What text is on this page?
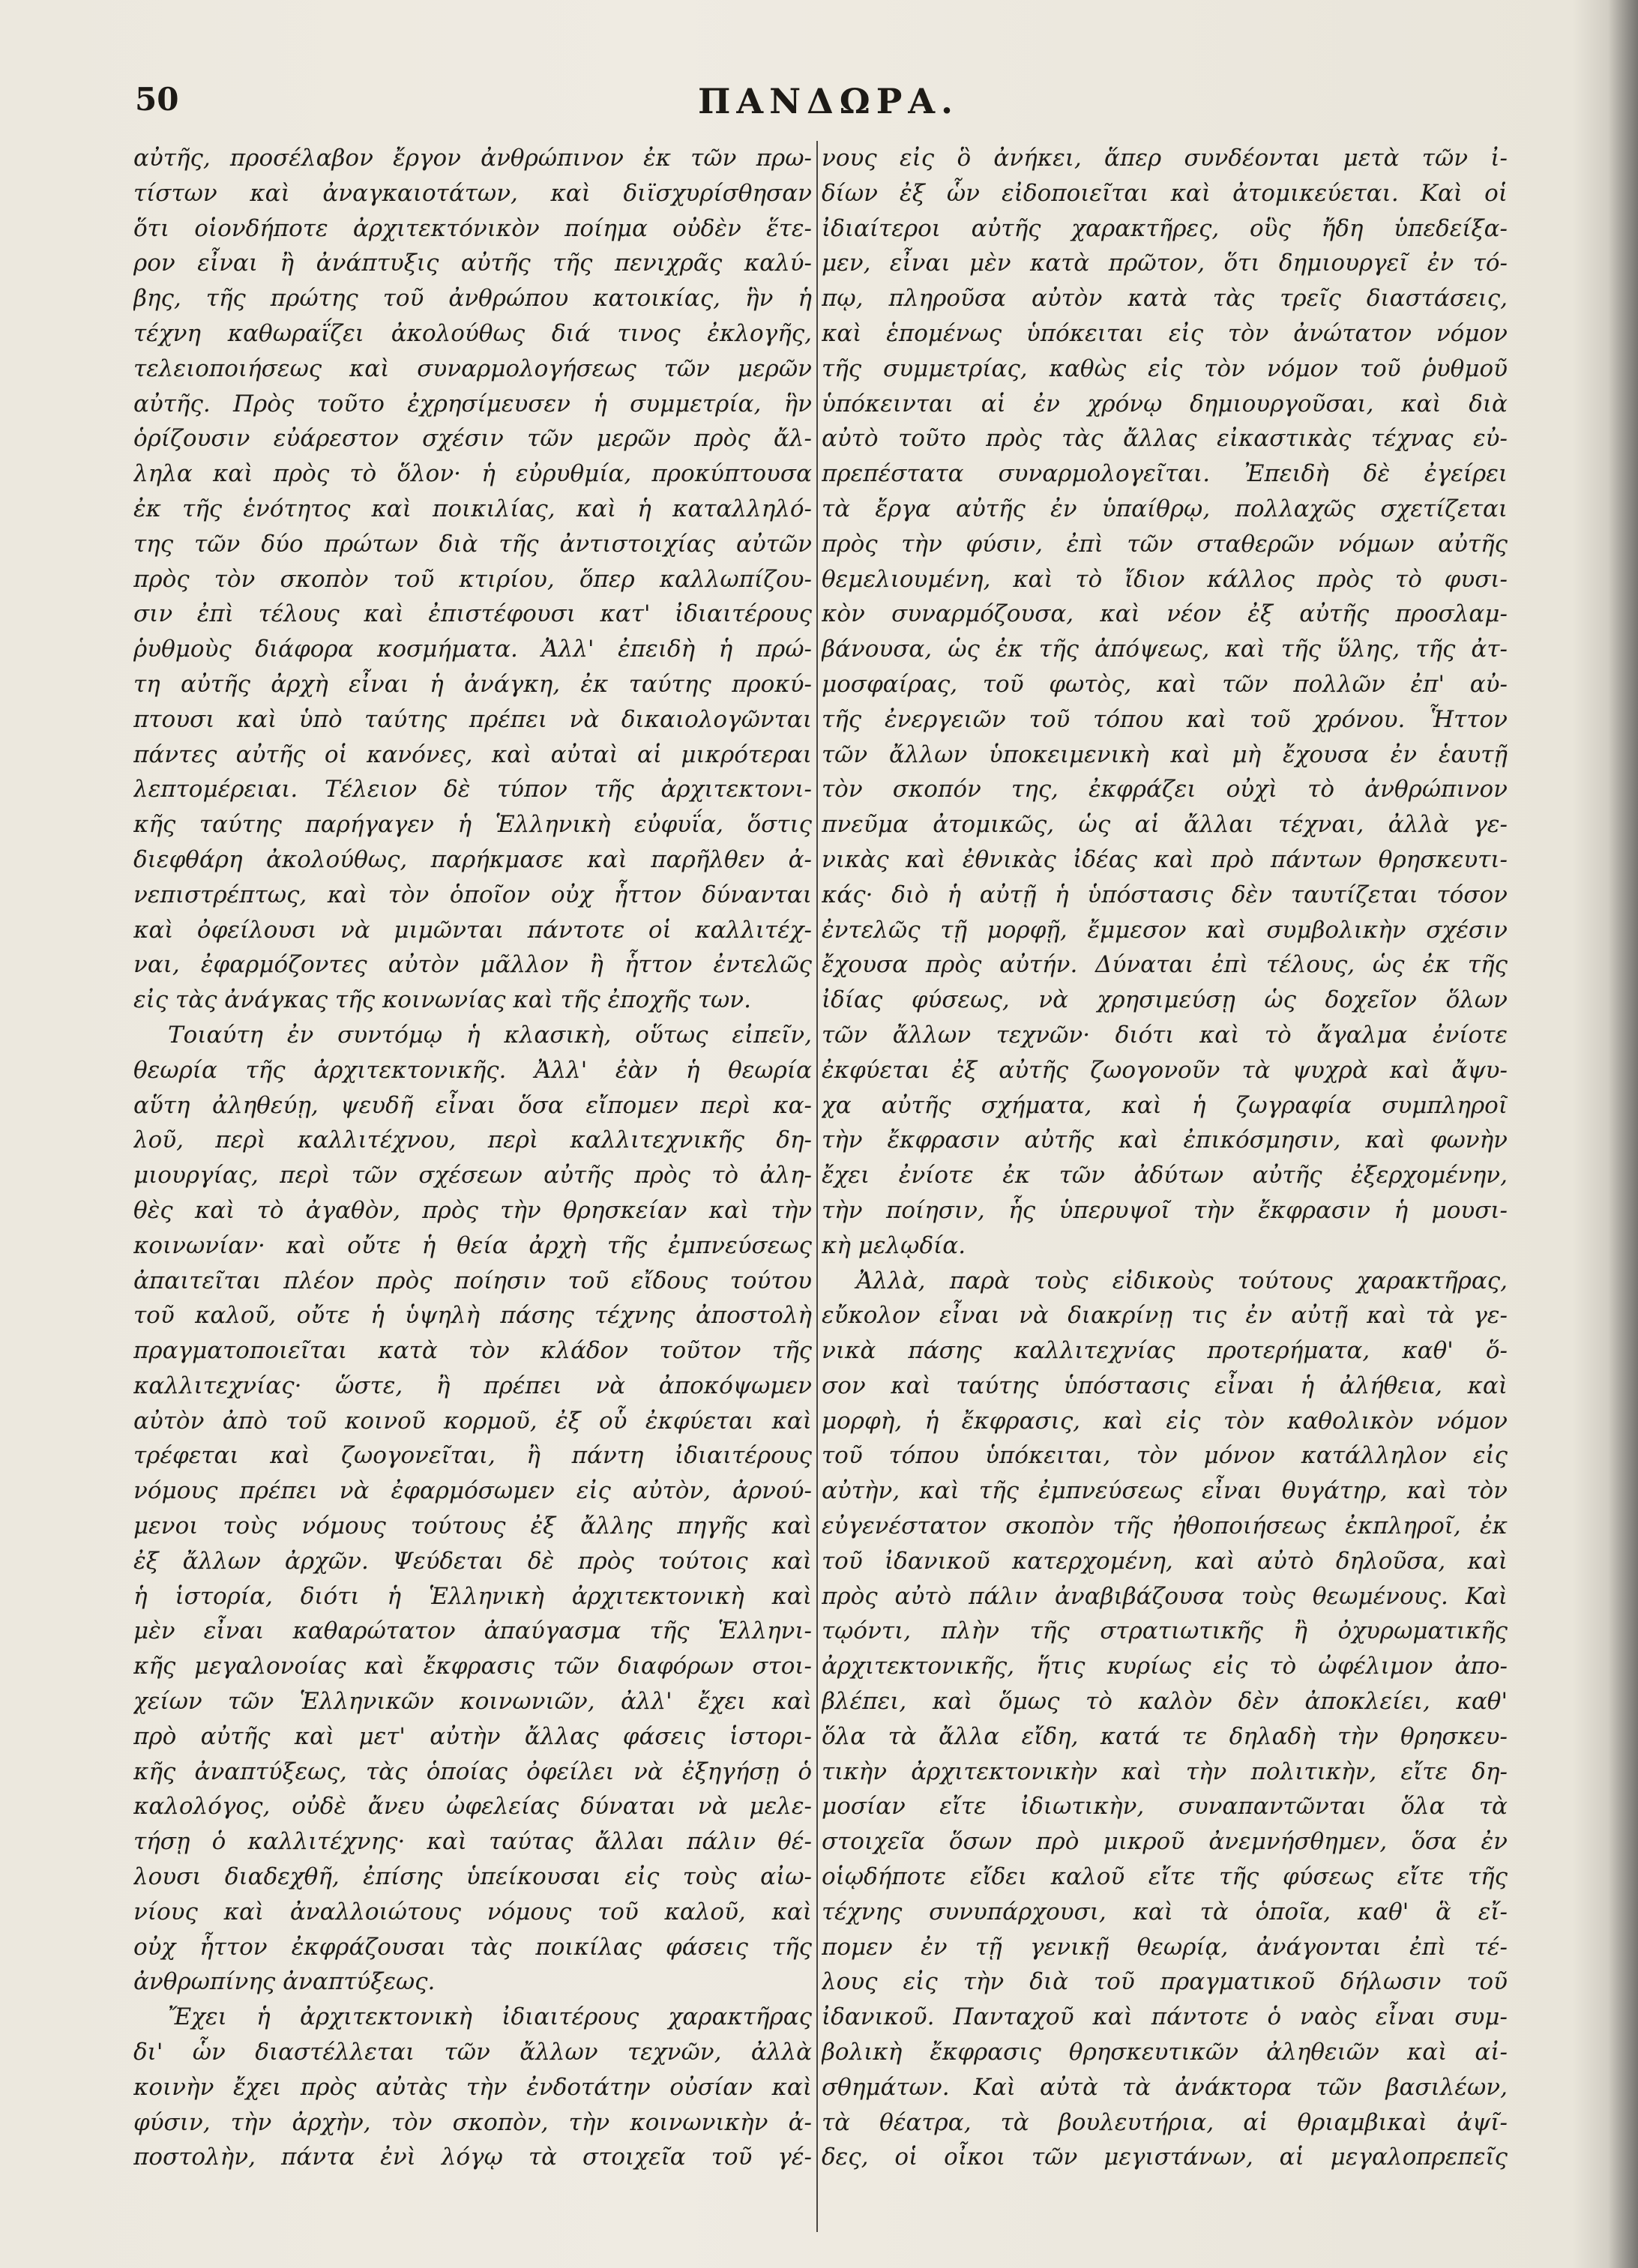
50	ΠΑΝΔΩΡΑ.
αὐτῆς, προσέλαβον ἔργον ἀνθρώπινον ἐκ τῶν πρω-
τίστων καὶ ἀναγκαιοτάτων, καὶ διϊσχυρίσθησαν
ὅτι οἱονδήποτε ἀρχιτεκτόνικὸν ποίημα οὐδὲν ἕτε-
ρον εἶναι ἢ ἀνάπτυξις αὐτῆς τῆς πενιχρᾶς καλύ-
βης, τῆς πρώτης τοῦ ἀνθρώπου κατοικίας, ἣν ἡ
τέχνη καθωραΐζει ἀκολούθως διά τινος ἐκλογῆς,
τελειοποιήσεως καὶ συναρμολογήσεως τῶν μερῶν
αὐτῆς. Πρὸς τοῦτο ἐχρησίμευσεν ἡ συμμετρία, ἣν
ὁρίζουσιν εὐάρεστον σχέσιν τῶν μερῶν πρὸς ἄλ-
ληλα καὶ πρὸς τὸ ὅλον· ἡ εὐρυθμία, προκύπτουσα
ἐκ τῆς ἑνότητος καὶ ποικιλίας, καὶ ἡ καταλληλό-
της τῶν δύο πρώτων διὰ τῆς ἀντιστοιχίας αὐτῶν
πρὸς τὸν σκοπὸν τοῦ κτιρίου, ὅπερ καλλωπίζου-
σιν ἐπὶ τέλους καὶ ἐπιστέφουσι κατ' ἰδιαιτέρους
ῥυθμοὺς διάφορα κοσμήματα. Ἀλλ' ἐπειδὴ ἡ πρώ-
τη αὐτῆς ἀρχὴ εἶναι ἡ ἀνάγκη, ἐκ ταύτης προκύ-
πτουσι καὶ ὑπὸ ταύτης πρέπει νὰ δικαιολογῶνται
πάντες αὐτῆς οἱ κανόνες, καὶ αὐταὶ αἱ μικρότεραι
λεπτομέρειαι. Τέλειον δὲ τύπον τῆς ἀρχιτεκτονι-
κῆς ταύτης παρήγαγεν ἡ Ἑλληνικὴ εὐφυΐα, ὅστις
διεφθάρη ἀκολούθως, παρήκμασε καὶ παρῆλθεν ἀ-
νεπιστρέπτως, καὶ τὸν ὁποῖον οὐχ ἧττον δύνανται
καὶ ὀφείλουσι νὰ μιμῶνται πάντοτε οἱ καλλιτέχ-
ναι, ἐφαρμόζοντες αὐτὸν μᾶλλον ἢ ἧττον ἐντελῶς
εἰς τὰς ἀνάγκας τῆς κοινωνίας καὶ τῆς ἐποχῆς των.
Τοιαύτη ἐν συντόμῳ ἡ κλασικὴ, οὕτως εἰπεῖν,
θεωρία τῆς ἀρχιτεκτονικῆς. Ἀλλ' ἐὰν ἡ θεωρία
αὕτη ἀληθεύῃ, ψευδῆ εἶναι ὅσα εἴπομεν περὶ κα-
λοῦ, περὶ καλλιτέχνου, περὶ καλλιτεχνικῆς δη-
μιουργίας, περὶ τῶν σχέσεων αὐτῆς πρὸς τὸ ἀλη-
θὲς καὶ τὸ ἀγαθὸν, πρὸς τὴν θρησκείαν καὶ τὴν
κοινωνίαν· καὶ οὔτε ἡ θεία ἀρχὴ τῆς ἐμπνεύσεως
ἀπαιτεῖται πλέον πρὸς ποίησιν τοῦ εἴδους τούτου
τοῦ καλοῦ, οὔτε ἡ ὑψηλὴ πάσης τέχνης ἀποστολὴ
πραγματοποιεῖται κατὰ τὸν κλάδον τοῦτον τῆς
καλλιτεχνίας· ὥστε, ἢ πρέπει νὰ ἀποκόψωμεν
αὐτὸν ἀπὸ τοῦ κοινοῦ κορμοῦ, ἐξ οὗ ἐκφύεται καὶ
τρέφεται καὶ ζωογονεῖται, ἢ πάντη ἰδιαιτέρους
νόμους πρέπει νὰ ἐφαρμόσωμεν εἰς αὐτὸν, ἀρνού-
μενοι τοὺς νόμους τούτους ἐξ ἄλλης πηγῆς καὶ
ἐξ ἄλλων ἀρχῶν. Ψεύδεται δὲ πρὸς τούτοις καὶ
ἡ ἱστορία, διότι ἡ Ἑλληνικὴ ἀρχιτεκτονικὴ καὶ
μὲν εἶναι καθαρώτατον ἀπαύγασμα τῆς Ἑλληνι-
κῆς μεγαλονοίας καὶ ἔκφρασις τῶν διαφόρων στοι-
χείων τῶν Ἑλληνικῶν κοινωνιῶν, ἀλλ' ἔχει καὶ
πρὸ αὐτῆς καὶ μετ' αὐτὴν ἄλλας φάσεις ἱστορι-
κῆς ἀναπτύξεως, τὰς ὁποίας ὀφείλει νὰ ἐξηγήσῃ ὁ
καλολόγος, οὐδὲ ἄνευ ὠφελείας δύναται νὰ μελε-
τήσῃ ὁ καλλιτέχνης· καὶ ταύτας ἄλλαι πάλιν θέ-
λουσι διαδεχθῆ, ἐπίσης ὑπείκουσαι εἰς τοὺς αἰω-
νίους καὶ ἀναλλοιώτους νόμους τοῦ καλοῦ, καὶ
οὐχ ἧττον ἐκφράζουσαι τὰς ποικίλας φάσεις τῆς
ἀνθρωπίνης ἀναπτύξεως.
Ἔχει ἡ ἀρχιτεκτονικὴ ἰδιαιτέρους χαρακτῆρας
δι' ὧν διαστέλλεται τῶν ἄλλων τεχνῶν, ἀλλὰ
κοινὴν ἔχει πρὸς αὐτὰς τὴν ἐνδοτάτην οὐσίαν καὶ
φύσιν, τὴν ἀρχὴν, τὸν σκοπὸν, τὴν κοινωνικὴν ἀ-
ποστολὴν, πάντα ἐνὶ λόγῳ τὰ στοιχεῖα τοῦ γέ-
νους εἰς ὃ ἀνήκει, ἅπερ συνδέονται μετὰ τῶν ἰ-
δίων ἐξ ὧν εἰδοποιεῖται καὶ ἀτομικεύεται. Καὶ οἱ
ἰδιαίτεροι αὐτῆς χαρακτῆρες, οὓς ἤδη ὑπεδείξα-
μεν, εἶναι μὲν κατὰ πρῶτον, ὅτι δημιουργεῖ ἐν τό-
πῳ, πληροῦσα αὐτὸν κατὰ τὰς τρεῖς διαστάσεις,
καὶ ἑπομένως ὑπόκειται εἰς τὸν ἀνώτατον νόμον
τῆς συμμετρίας, καθὼς εἰς τὸν νόμον τοῦ ῥυθμοῦ
ὑπόκεινται αἱ ἐν χρόνῳ δημιουργοῦσαι, καὶ διὰ
αὐτὸ τοῦτο πρὸς τὰς ἄλλας εἰκαστικὰς τέχνας εὐ-
πρεπέστατα συναρμολογεῖται. Ἐπειδὴ δὲ ἐγείρει
τὰ ἔργα αὐτῆς ἐν ὑπαίθρῳ, πολλαχῶς σχετίζεται
πρὸς τὴν φύσιν, ἐπὶ τῶν σταθερῶν νόμων αὐτῆς
θεμελιουμένη, καὶ τὸ ἴδιον κάλλος πρὸς τὸ φυσι-
κὸν συναρμόζουσα, καὶ νέον ἐξ αὐτῆς προσλαμ-
βάνουσα, ὡς ἐκ τῆς ἀπόψεως, καὶ τῆς ὕλης, τῆς ἀτ-
μοσφαίρας, τοῦ φωτὸς, καὶ τῶν πολλῶν ἐπ' αὐ-
τῆς ἐνεργειῶν τοῦ τόπου καὶ τοῦ χρόνου. Ἧττον
τῶν ἄλλων ὑποκειμενικὴ καὶ μὴ ἔχουσα ἐν ἑαυτῇ
τὸν σκοπόν της, ἐκφράζει οὐχὶ τὸ ἀνθρώπινον
πνεῦμα ἀτομικῶς, ὡς αἱ ἄλλαι τέχναι, ἀλλὰ γε-
νικὰς καὶ ἐθνικὰς ἰδέας καὶ πρὸ πάντων θρησκευτι-
κάς· διὸ ἡ αὐτῇ ἡ ὑπόστασις δὲν ταυτίζεται τόσον
ἐντελῶς τῇ μορφῇ, ἔμμεσον καὶ συμβολικὴν σχέσιν
ἔχουσα πρὸς αὐτήν. Δύναται ἐπὶ τέλους, ὡς ἐκ τῆς
ἰδίας φύσεως, νὰ χρησιμεύσῃ ὡς δοχεῖον ὅλων
τῶν ἄλλων τεχνῶν· διότι καὶ τὸ ἄγαλμα ἐνίοτε
ἐκφύεται ἐξ αὐτῆς ζωογονοῦν τὰ ψυχρὰ καὶ ἄψυ-
χα αὐτῆς σχήματα, καὶ ἡ ζωγραφία συμπληροῖ
τὴν ἔκφρασιν αὐτῆς καὶ ἐπικόσμησιν, καὶ φωνὴν
ἔχει ἐνίοτε ἐκ τῶν ἀδύτων αὐτῆς ἐξερχομένην,
τὴν ποίησιν, ἧς ὑπερυψοῖ τὴν ἔκφρασιν ἡ μουσι-
κὴ μελῳδία.
Ἀλλὰ, παρὰ τοὺς εἰδικοὺς τούτους χαρακτῆρας,
εὔκολον εἶναι νὰ διακρίνῃ τις ἐν αὐτῇ καὶ τὰ γε-
νικὰ πάσης καλλιτεχνίας προτερήματα, καθ' ὅ-
σον καὶ ταύτης ὑπόστασις εἶναι ἡ ἀλήθεια, καὶ
μορφὴ, ἡ ἔκφρασις, καὶ εἰς τὸν καθολικὸν νόμον
τοῦ τόπου ὑπόκειται, τὸν μόνον κατάλληλον εἰς
αὐτὴν, καὶ τῆς ἐμπνεύσεως εἶναι θυγάτηρ, καὶ τὸν
εὐγενέστατον σκοπὸν τῆς ἠθοποιήσεως ἐκπληροῖ, ἐκ
τοῦ ἰδανικοῦ κατερχομένη, καὶ αὐτὸ δηλοῦσα, καὶ
πρὸς αὐτὸ πάλιν ἀναβιβάζουσα τοὺς θεωμένους. Καὶ
τῳόντι, πλὴν τῆς στρατιωτικῆς ἢ ὀχυρωματικῆς
ἀρχιτεκτονικῆς, ἥτις κυρίως εἰς τὸ ὠφέλιμον ἀπο-
βλέπει, καὶ ὅμως τὸ καλὸν δὲν ἀποκλείει, καθ'
ὅλα τὰ ἄλλα εἴδη, κατά τε δηλαδὴ τὴν θρησκευ-
τικὴν ἀρχιτεκτονικὴν καὶ τὴν πολιτικὴν, εἴτε δη-
μοσίαν εἴτε ἰδιωτικὴν, συναπαντῶνται ὅλα τὰ
στοιχεῖα ὅσων πρὸ μικροῦ ἀνεμνήσθημεν, ὅσα ἐν
οἱῳδήποτε εἴδει καλοῦ εἴτε τῆς φύσεως εἴτε τῆς
τέχνης συνυπάρχουσι, καὶ τὰ ὁποῖα, καθ' ἃ εἴ-
πομεν ἐν τῇ γενικῇ θεωρίᾳ, ἀνάγονται ἐπὶ τέ-
λους εἰς τὴν διὰ τοῦ πραγματικοῦ δήλωσιν τοῦ
ἰδανικοῦ. Πανταχοῦ καὶ πάντοτε ὁ ναὸς εἶναι συμ-
βολικὴ ἔκφρασις θρησκευτικῶν ἀληθειῶν καὶ αἰ-
σθημάτων. Καὶ αὐτὰ τὰ ἀνάκτορα τῶν βασιλέων,
τὰ θέατρα, τὰ βουλευτήρια, αἱ θριαμβικαὶ ἀψῖ-
δες, οἱ οἶκοι τῶν μεγιστάνων, αἱ μεγαλοπρεπεῖς
